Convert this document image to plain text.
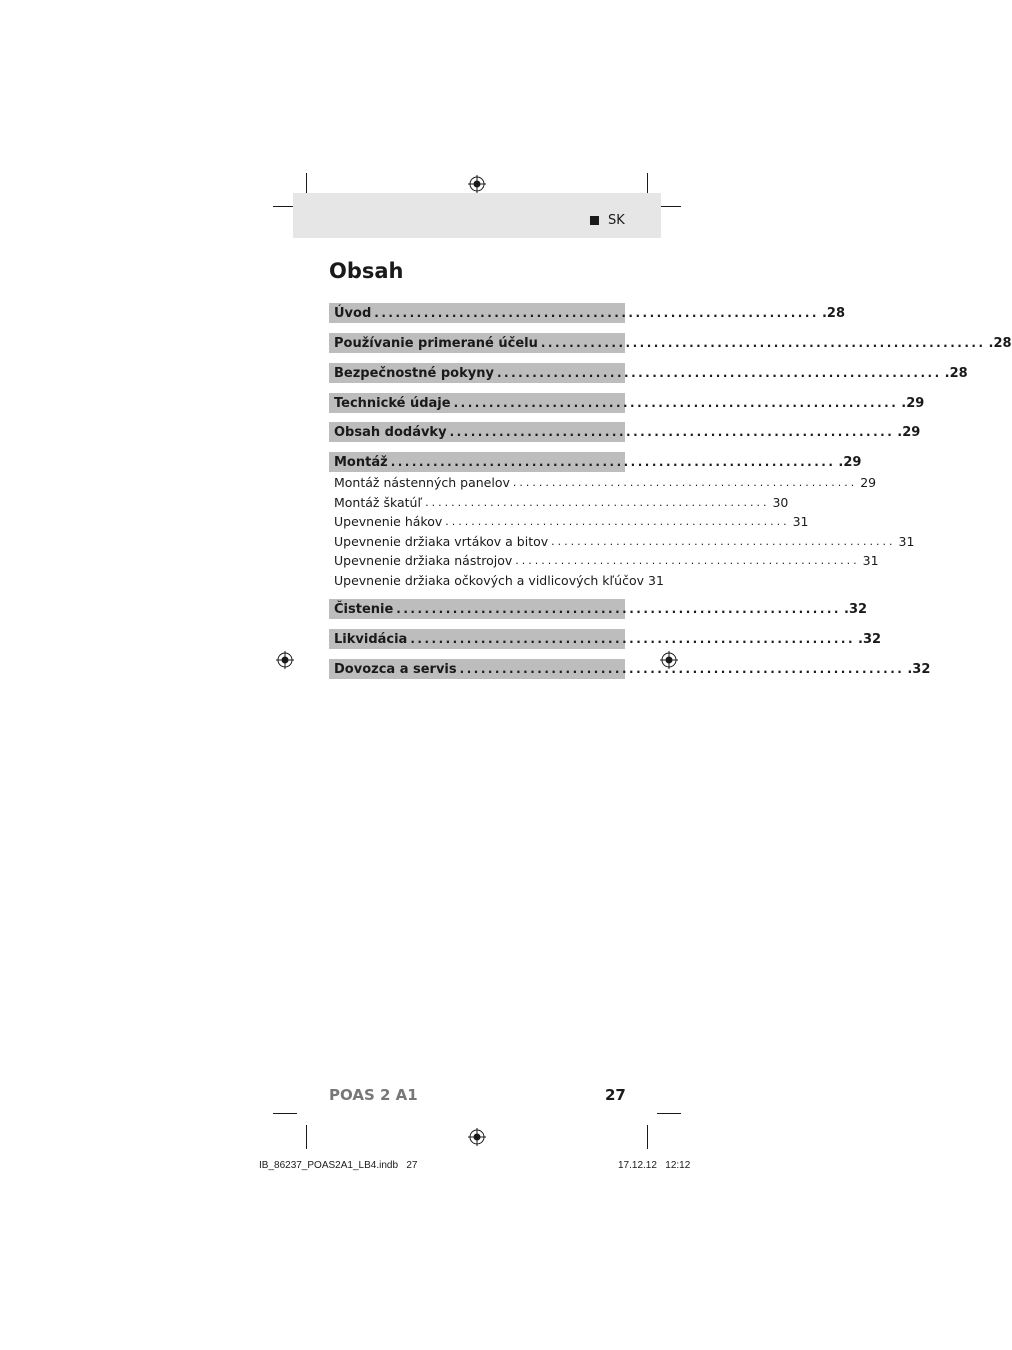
SK
Obsah
Úvod ............................................................... .28
Používanie primerané účelu ............................................................... .28
Bezpečnostné pokyny ............................................................... .28
Technické údaje ............................................................... .29
Obsah dodávky ............................................................... .29
Montáž ............................................................... .29
Montáž nástenných panelov ..................................................... 29
Montáž škatúľ ..................................................... 30
Upevnenie hákov ..................................................... 31
Upevnenie držiaka vrtákov a bitov ..................................................... 31
Upevnenie držiaka nástrojov ..................................................... 31
Upevnenie držiaka očkových a vidlicových kľúčov 31
Čistenie ............................................................... .32
Likvidácia ............................................................... .32
Dovozca a servis ............................................................... .32
POAS 2 A1	27
IB_86237_POAS2A1_LB4.indb   27	17.12.12   12:12
